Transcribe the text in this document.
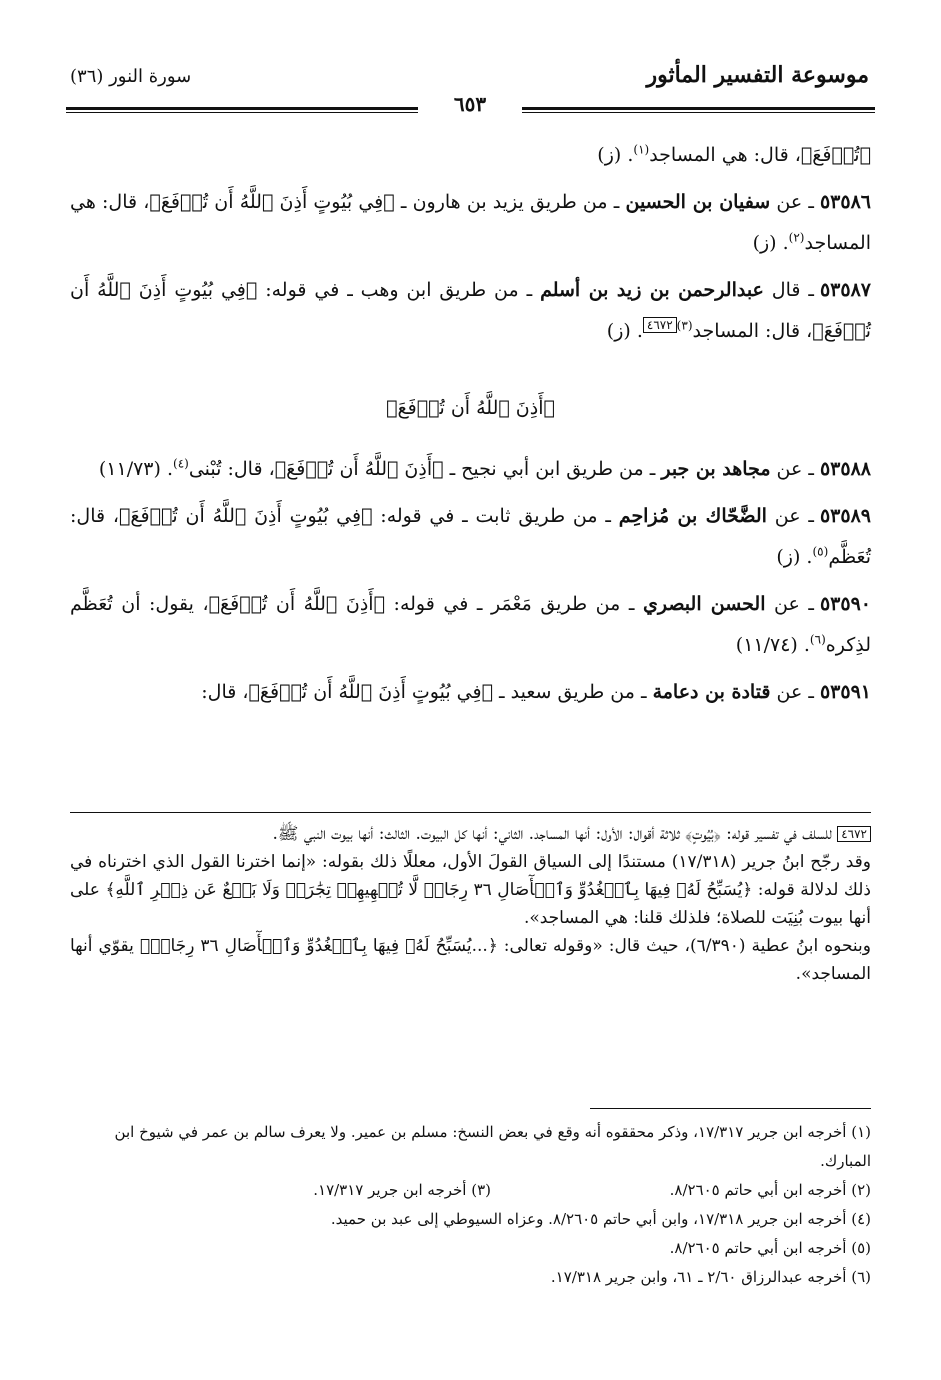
موسوعة التفسير المأثور
سورة النور (٣٦)
٦٥٣

﴿تُرۡفَعَ﴾، قال: هي المساجد$^{(١)}$. (ز)

٥٣٥٨٦ـ عن سفيان بن الحسين ـ من طريق يزيد بن هارون ـ ﴿فِي بُيُوتٍ أَذِنَ ٱللَّهُ أَن تُرۡفَعَ﴾، قال: هي المساجد$^{(٢)}$. (ز)

٥٣٥٨٧ـ قال عبدالرحمن بن زيد بن أسلم ـ من طريق ابن وهب ـ في قوله: ﴿فِي بُيُوتٍ أَذِنَ ٱللَّهُ أَن تُرۡفَعَ﴾، قال: المساجد$^{(٣)}$٤٦٧٢. (ز)

﴿أَذِنَ ٱللَّهُ أَن تُرۡفَعَ﴾

٥٣٥٨٨ـ عن مجاهد بن جبر ـ من طريق ابن أبي نجيح ـ ﴿أَذِنَ ٱللَّهُ أَن تُرۡفَعَ﴾، قال: تُبْنى$^{(٤)}$. (١١/٧٣)

٥٣٥٨٩ـ عن الضَّحّاك بن مُزاحِم ـ من طريق ثابت ـ في قوله: ﴿فِي بُيُوتٍ أَذِنَ ٱللَّهُ أَن تُرۡفَعَ﴾، قال: تُعَظَّم$^{(٥)}$. (ز)

٥٣٥٩٠ـ عن الحسن البصري ـ من طريق مَعْمَر ـ في قوله: ﴿أَذِنَ ٱللَّهُ أَن تُرۡفَعَ﴾، يقول: أن تُعَظَّم لذِكره$^{(٦)}$. (١١/٧٤)

٥٣٥٩١ـ عن قتادة بن دعامة ـ من طريق سعيد ـ ﴿فِي بُيُوتٍ أَذِنَ ٱللَّهُ أَن تُرۡفَعَ﴾، قال:

٤٦٧٢ للسلف في تفسير قوله: ﴿بُيُوتٍ﴾ ثلاثة أقوال: الأول: أنها المساجد. الثاني: أنها كل البيوت. الثالث: أنها بيوت النبي ﷺ.

وقد رجّح ابنُ جرير (١٧/٣١٨) مستندًا إلى السياق القولَ الأول، معللًا ذلك بقوله: «إنما اخترنا القول الذي اخترناه في ذلك لدلالة قوله: ﴿يُسَبِّحُ لَهُۥ فِيهَا بِٱلۡغُدُوِّ وَٱلۡأٓصَالِ ٣٦ رِجَالٞ لَّا تُلۡهِيهِمۡ تِجَٰرَةٞ وَلَا بَيۡعٌ عَن ذِكۡرِ ٱللَّهِ﴾ على أنها بيوت بُنِيَت للصلاة؛ فلذلك قلنا: هي المساجد».

وبنحوه ابنُ عطية (٦/٣٩٠)، حيث قال: «وقوله تعالى: ﴿...يُسَبِّحُ لَهُۥ فِيهَا بِٱلۡغُدُوِّ وَٱلۡأٓصَالِ ٣٦ رِجَالٞ﴾ يقوّي أنها المساجد».

(١) أخرجه ابن جرير ١٧/٣١٧، وذكر محققوه أنه وقع في بعض النسخ: مسلم بن عمير. ولا يعرف سالم بن عمر في شيوخ ابن المبارك.
(٢) أخرجه ابن أبي حاتم ٨/٢٦٠٥.
(٣) أخرجه ابن جرير ١٧/٣١٧.
(٤) أخرجه ابن جرير ١٧/٣١٨، وابن أبي حاتم ٨/٢٦٠٥. وعزاه السيوطي إلى عبد بن حميد.
(٥) أخرجه ابن أبي حاتم ٨/٢٦٠٥.
(٦) أخرجه عبدالرزاق ٢/٦٠ ـ ٦١، وابن جرير ١٧/٣١٨.
